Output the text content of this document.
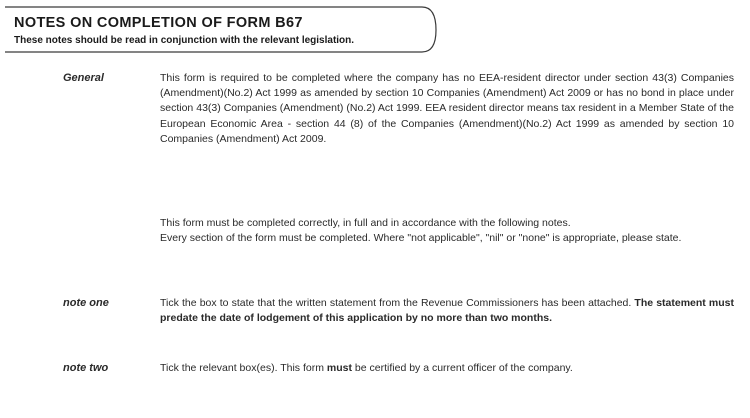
NOTES ON COMPLETION OF FORM B67
These notes should be read in conjunction with the relevant legislation.
General	This form is required to be completed where the company has no EEA-resident director under section 43(3) Companies (Amendment)(No.2) Act 1999 as amended by section 10 Companies (Amendment) Act 2009 or has no bond in place under section 43(3) Companies (Amendment) (No.2) Act 1999. EEA resident director means tax resident in a Member State of the European Economic Area - section 44 (8) of the Companies (Amendment)(No.2) Act 1999 as amended by section 10 Companies (Amendment) Act 2009.

This form must be completed correctly, in full and in accordance with the following notes.

Every section of the form must be completed. Where "not applicable", "nil" or "none" is appropriate, please state.

note one	Tick the box to state that the written statement from the Revenue Commissioners has been attached. The statement must predate the date of lodgement of this application by no more than two months.

note two	Tick the relevant box(es). This form must be certified by a current officer of the company.
